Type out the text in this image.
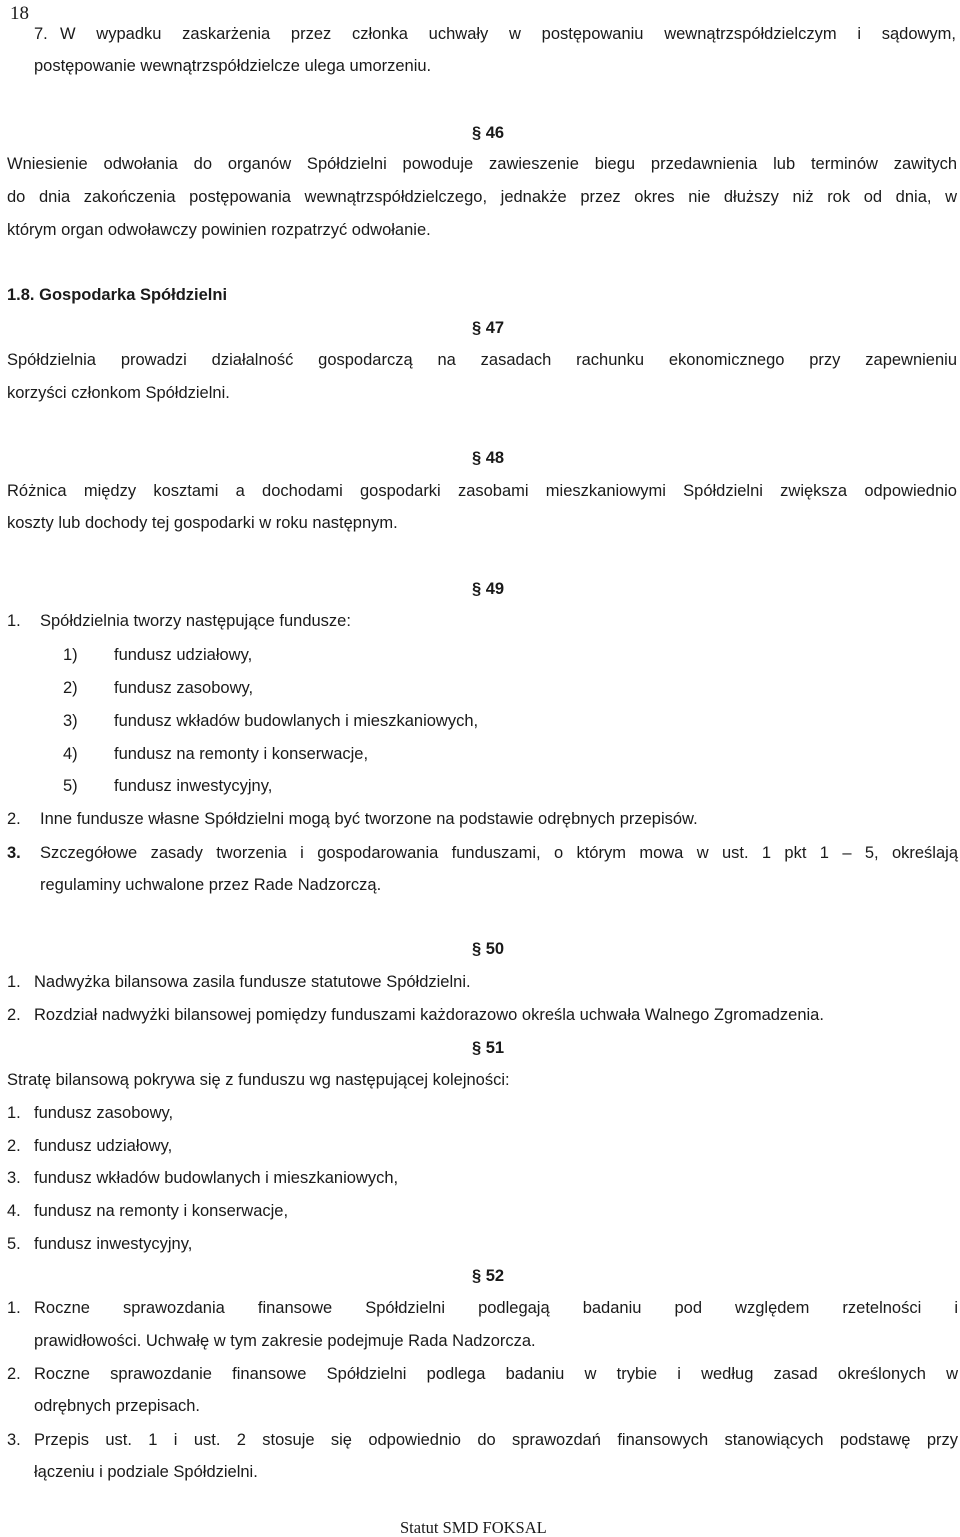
18
7. W wypadku zaskarżenia przez członka uchwały w postępowaniu wewnątrzspółdzielczym i sądowym,
postępowanie wewnątrzspółdzielcze ulega umorzeniu.
§ 46
Wniesienie odwołania do organów Spółdzielni powoduje zawieszenie biegu przedawnienia lub terminów zawitych
do dnia zakończenia postępowania wewnątrzspółdzielczego, jednakże przez okres nie dłuższy niż rok od dnia, w
którym organ odwoławczy powinien rozpatrzyć odwołanie.
1.8. Gospodarka Spółdzielni
§ 47
Spółdzielnia prowadzi działalność gospodarczą na zasadach rachunku ekonomicznego przy zapewnieniu
korzyści członkom Spółdzielni.
§ 48
Różnica między kosztami a dochodami gospodarki zasobami mieszkaniowymi Spółdzielni zwiększa odpowiednio
koszty lub dochody tej gospodarki w roku następnym.
§ 49
1. Spółdzielnia tworzy następujące fundusze:
1) fundusz udziałowy,
2) fundusz zasobowy,
3) fundusz wkładów budowlanych i mieszkaniowych,
4) fundusz na remonty i konserwacje,
5) fundusz inwestycyjny,
2. Inne fundusze własne Spółdzielni mogą być tworzone na podstawie odrębnych przepisów.
3. Szczegółowe zasady tworzenia i gospodarowania funduszami, o którym mowa w ust. 1 pkt 1 – 5, określają
regulaminy uchwalone przez Rade Nadzorczą.
§ 50
1. Nadwyżka bilansowa zasila fundusze statutowe Spółdzielni.
2. Rozdział nadwyżki bilansowej pomiędzy funduszami każdorazowo określa uchwała Walnego Zgromadzenia.
§ 51
Stratę bilansową pokrywa się z funduszu wg następującej kolejności:
1. fundusz zasobowy,
2. fundusz udziałowy,
3. fundusz wkładów budowlanych i mieszkaniowych,
4. fundusz na remonty i konserwacje,
5. fundusz inwestycyjny,
§ 52
1. Roczne sprawozdania finansowe Spółdzielni podlegają badaniu pod względem rzetelności i
prawidłowości. Uchwałę w tym zakresie podejmuje Rada Nadzorcza.
2. Roczne sprawozdanie finansowe Spółdzielni podlega badaniu w trybie i według zasad określonych w
odrębnych przepisach.
3. Przepis ust. 1 i ust. 2 stosuje się odpowiednio do sprawozdań finansowych stanowiących podstawę przy
łączeniu i podziale Spółdzielni.
Statut SMD FOKSAL
